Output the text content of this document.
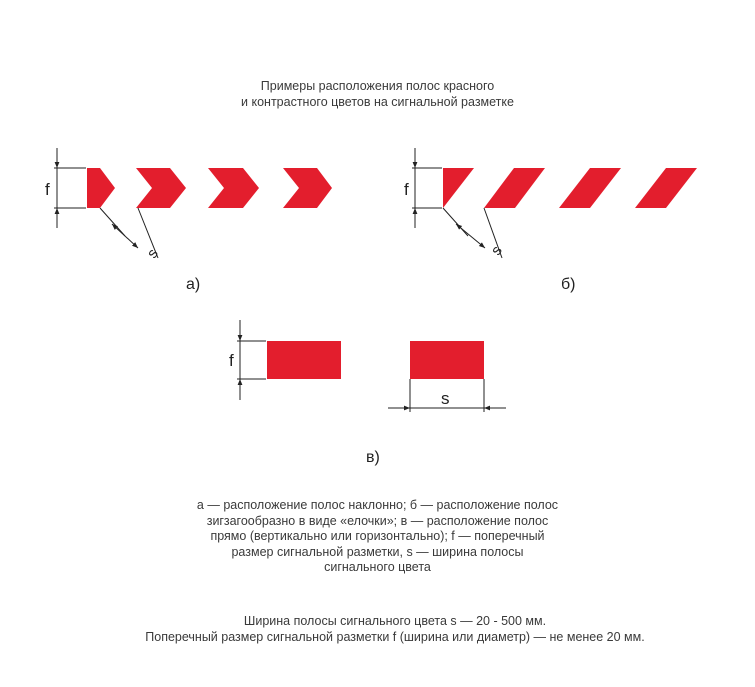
Примеры расположения полос красного
и контрастного цветов на сигнальной разметке
f
s
а)
f
s
б)
f
s
в)
а — расположение полос наклонно; б — расположение полос
зигзагообразно в виде «елочки»; в — расположение полос
прямо (вертикально или горизонтально); f — поперечный
размер сигнальной разметки, s — ширина полосы
сигнального цвета
Ширина полосы сигнального цвета s — 20 - 500 мм.
Поперечный размер сигнальной разметки f (ширина или диаметр) — не менее 20 мм.
